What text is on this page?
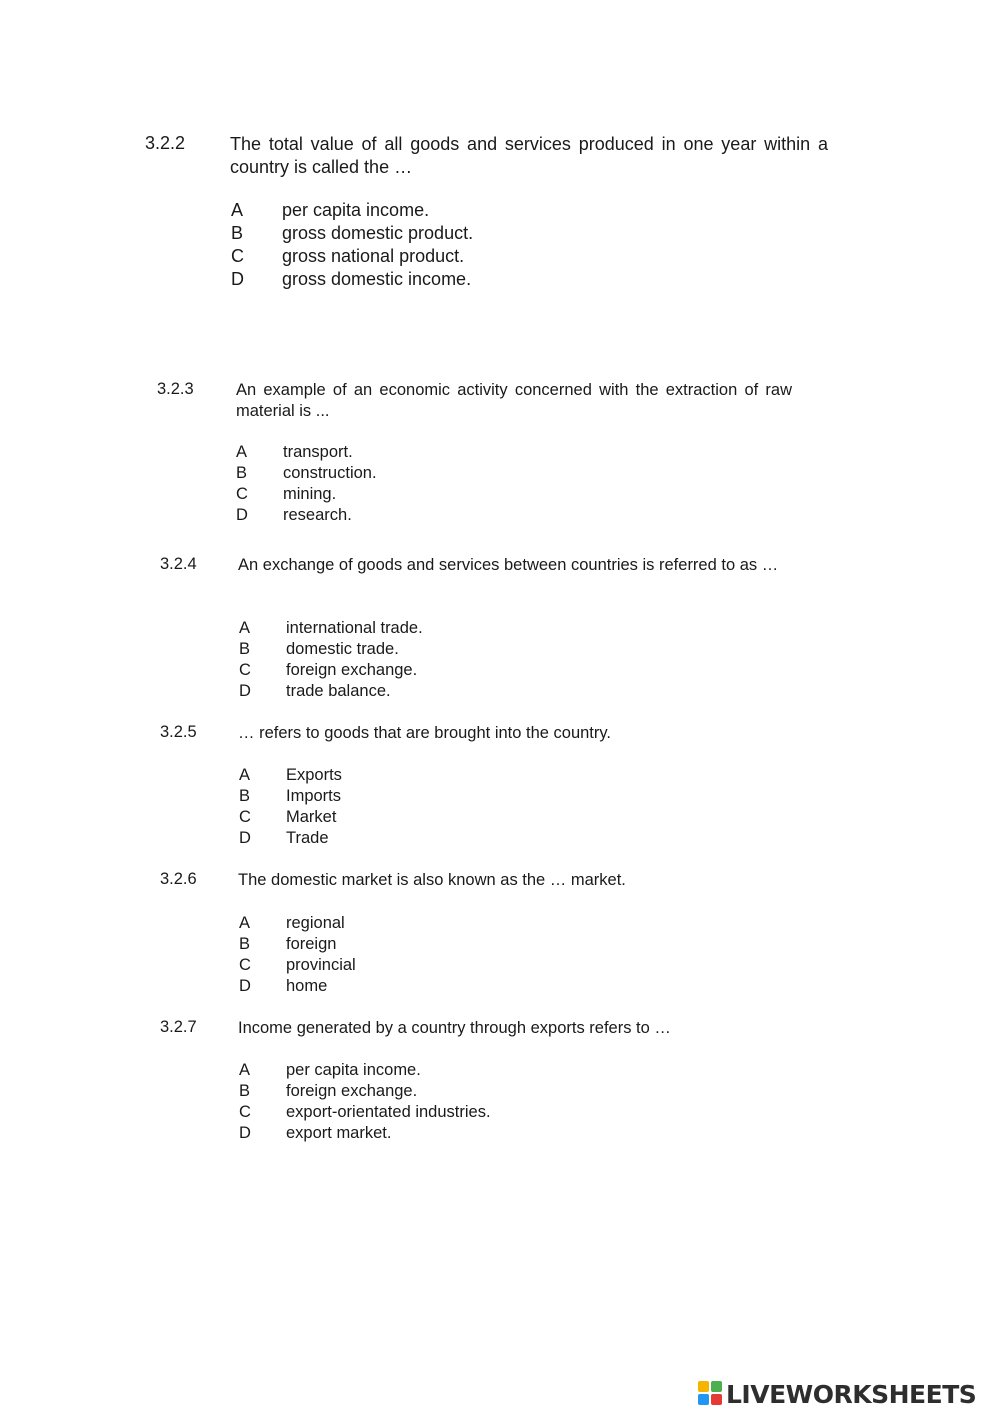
3.2.2 The total value of all goods and services produced in one year within a country is called the …
A per capita income.
B gross domestic product.
C gross national product.
D gross domestic income.
3.2.3	An example of an economic activity concerned with the extraction of raw material is ...
A transport.
B construction.
C mining.
D research.
3.2.4	An exchange of goods and services between countries is referred to as …
A international trade.
B domestic trade.
C foreign exchange.
D trade balance.
3.2.5	… refers to goods that are brought into the country.
A Exports
B Imports
C Market
D Trade
3.2.6	The domestic market is also known as the … market.
A regional
B foreign
C provincial
D home
3.2.7	Income generated by a country through exports refers to …
A per capita income.
B foreign exchange.
C export-orientated industries.
D export market.
LIVEWORKSHEETS
